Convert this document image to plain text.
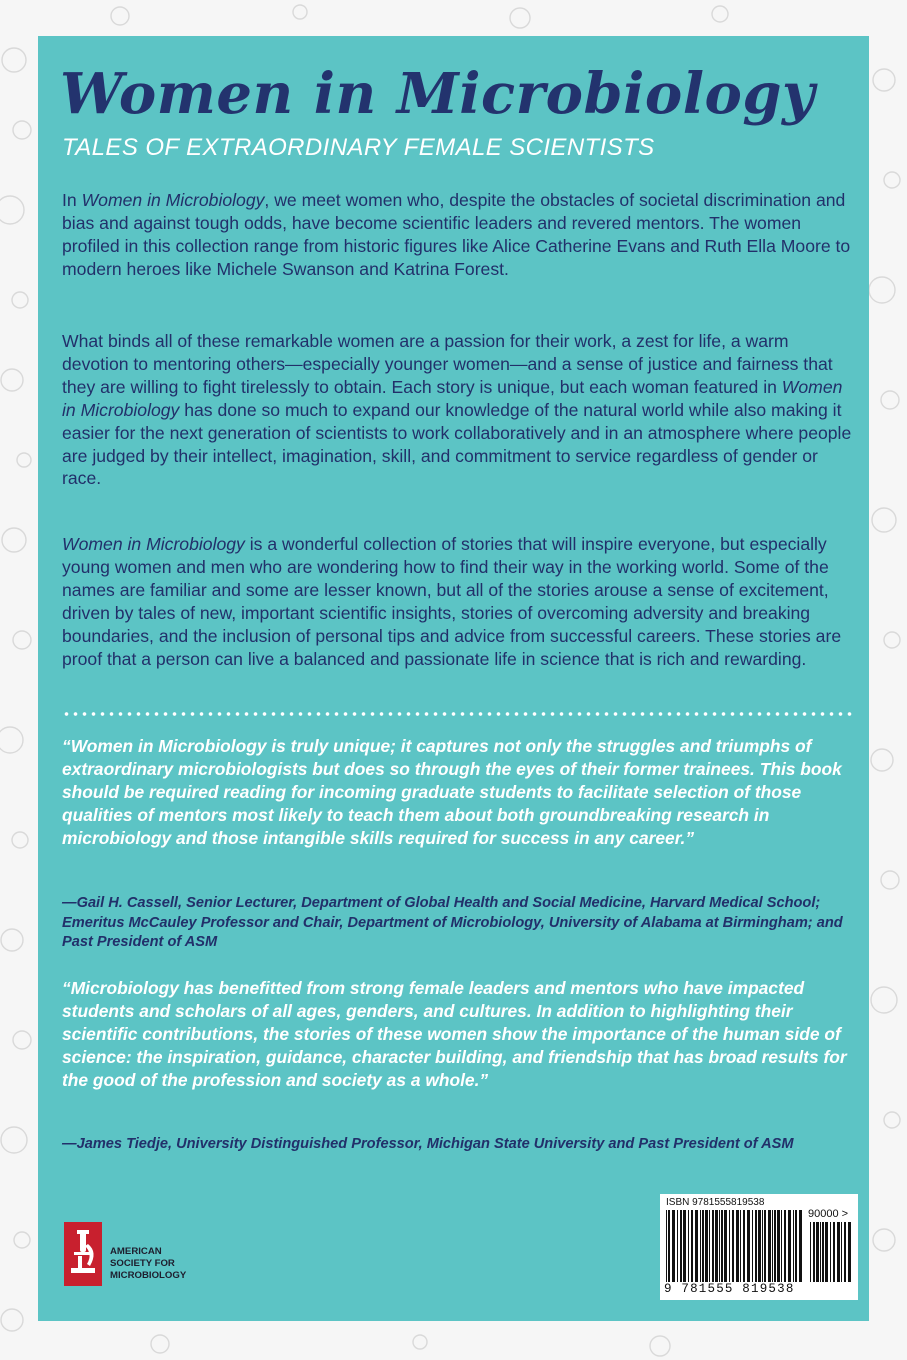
Women in Microbiology
TALES OF EXTRAORDINARY FEMALE SCIENTISTS
In Women in Microbiology, we meet women who, despite the obstacles of societal discrimination and bias and against tough odds, have become scientific leaders and revered mentors. The women profiled in this collection range from historic figures like Alice Catherine Evans and Ruth Ella Moore to modern heroes like Michele Swanson and Katrina Forest.
What binds all of these remarkable women are a passion for their work, a zest for life, a warm devotion to mentoring others—especially younger women—and a sense of justice and fairness that they are willing to fight tirelessly to obtain. Each story is unique, but each woman featured in Women in Microbiology has done so much to expand our knowledge of the natural world while also making it easier for the next generation of scientists to work collaboratively and in an atmosphere where people are judged by their intellect, imagination, skill, and commitment to service regardless of gender or race.
Women in Microbiology is a wonderful collection of stories that will inspire everyone, but especially young women and men who are wondering how to find their way in the working world. Some of the names are familiar and some are lesser known, but all of the stories arouse a sense of excitement, driven by tales of new, important scientific insights, stories of overcoming adversity and breaking boundaries, and the inclusion of personal tips and advice from successful careers. These stories are proof that a person can live a balanced and passionate life in science that is rich and rewarding.
“Women in Microbiology is truly unique; it captures not only the struggles and triumphs of extraordinary microbiologists but does so through the eyes of their former trainees. This book should be required reading for incoming graduate students to facilitate selection of those qualities of mentors most likely to teach them about both groundbreaking research in microbiology and those intangible skills required for success in any career.”
—Gail H. Cassell, Senior Lecturer, Department of Global Health and Social Medicine, Harvard Medical School; Emeritus McCauley Professor and Chair, Department of Microbiology, University of Alabama at Birmingham; and Past President of ASM
“Microbiology has benefitted from strong female leaders and mentors who have impacted students and scholars of all ages, genders, and cultures. In addition to highlighting their scientific contributions, the stories of these women show the importance of the human side of science: the inspiration, guidance, character building, and friendship that has broad results for the good of the profession and society as a whole.”
—James Tiedje, University Distinguished Professor, Michigan State University and Past President of ASM
AMERICAN
SOCIETY FOR
MICROBIOLOGY
ISBN 9781555819538
90000 >
9 781555 819538
